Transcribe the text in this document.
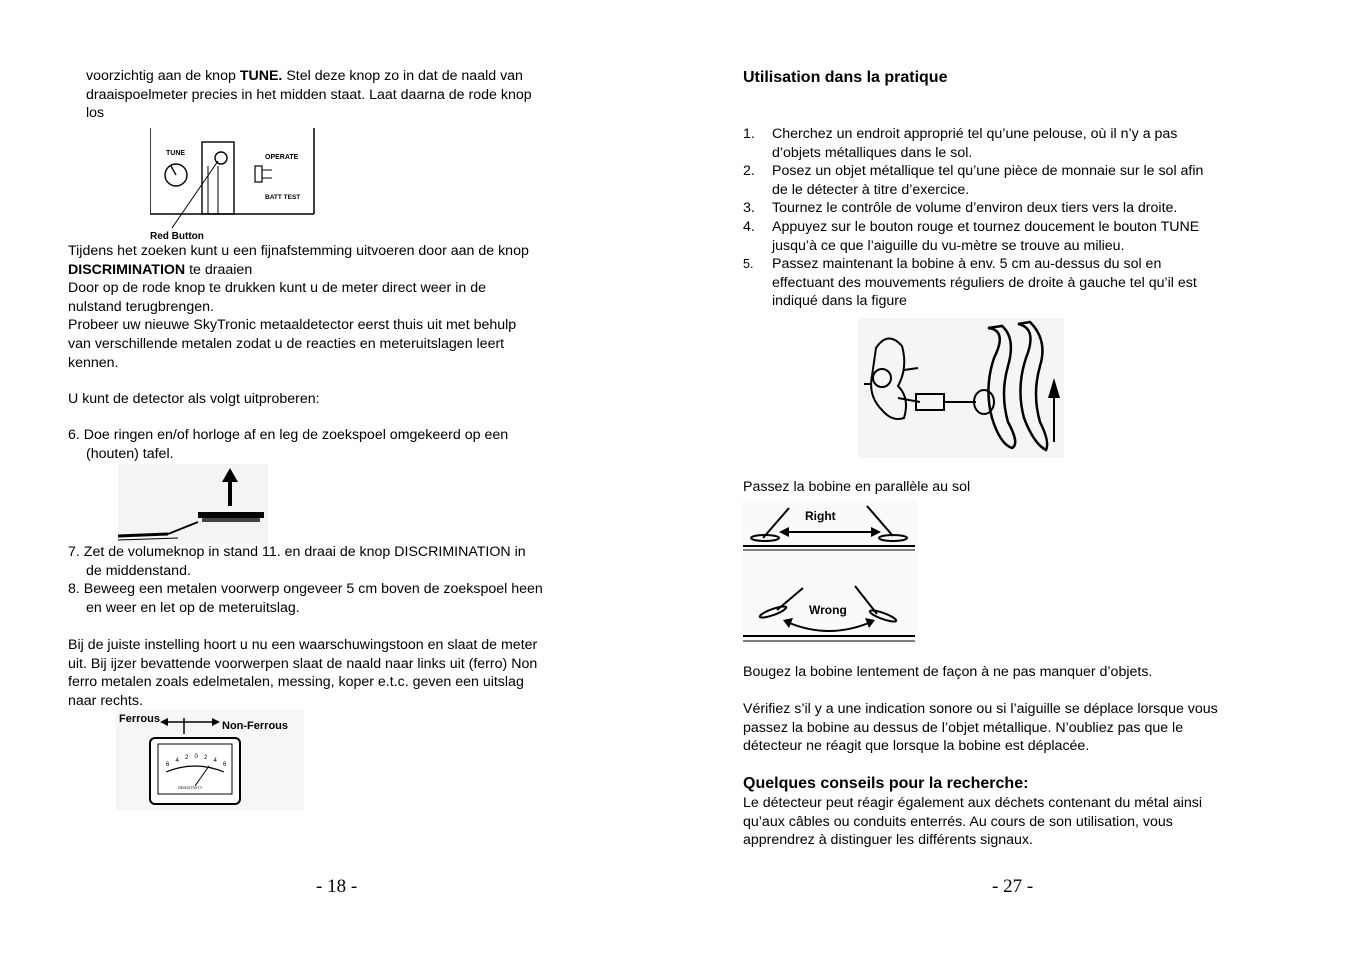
voorzichtig aan de knop TUNE. Stel deze knop zo in dat de naald van
draaispoelmeter precies in het midden staat. Laat daarna de rode knop
los
TUNE
OPERATE
BATT TEST
Red Button
Tijdens het zoeken kunt u een fijnafstemming uitvoeren door aan de knop
DISCRIMINATION te draaien
Door op de rode knop te drukken kunt u de meter direct weer in de
nulstand terugbrengen.
Probeer uw nieuwe SkyTronic metaaldetector eerst thuis uit met behulp
van verschillende metalen zodat u de reacties en meteruitslagen leert
kennen.
U kunt de detector als volgt uitproberen:
6. Doe ringen en/of horloge af en leg de zoekspoel omgekeerd op een
(houten) tafel.
7. Zet de volumeknop in stand 11. en draai de knop DISCRIMINATION in
de middenstand.
8. Beweeg een metalen voorwerp ongeveer 5 cm boven de zoekspoel heen
en weer en let op de meteruitslag.
Bij de juiste instelling hoort u nu een waarschuwingstoon en slaat de meter
uit. Bij ijzer bevattende voorwerpen slaat de naald naar links uit (ferro) Non
ferro metalen zoals edelmetalen, messing, koper e.t.c. geven een uitslag
naar rechts.
Ferrous
Non-Ferrous
6
4 2 0 2 4
6
SENSITIVITY
- 18 -
Utilisation dans la pratique
1. Cherchez un endroit approprié tel qu’une pelouse, où il n’y a pas
d’objets métalliques dans le sol.
2. Posez un objet métallique tel qu’une pièce de monnaie sur le sol afin
de le détecter à titre d’exercice.
3. Tournez le contrôle de volume d’environ deux tiers vers la droite.
4. Appuyez sur le bouton rouge et tournez doucement le bouton TUNE
jusqu’à ce que l’aiguille du vu-mètre se trouve au milieu.
5. Passez maintenant la bobine à env. 5 cm au-dessus du sol en
effectuant des mouvements réguliers de droite à gauche tel qu’il est
indiqué dans la figure
Passez la bobine en parallèle au sol
Right
Wrong
Bougez la bobine lentement de façon à ne pas manquer d’objets.
Vérifiez s’il y a une indication sonore ou si l’aiguille se déplace lorsque vous
passez la bobine au dessus de l’objet métallique. N’oubliez pas que le
détecteur ne réagit que lorsque la bobine est déplacée.
Quelques conseils pour la recherche:
Le détecteur peut réagir également aux déchets contenant du métal ainsi
qu’aux câbles ou conduits enterrés. Au cours de son utilisation, vous
apprendrez à distinguer les différents signaux.
- 27 -
